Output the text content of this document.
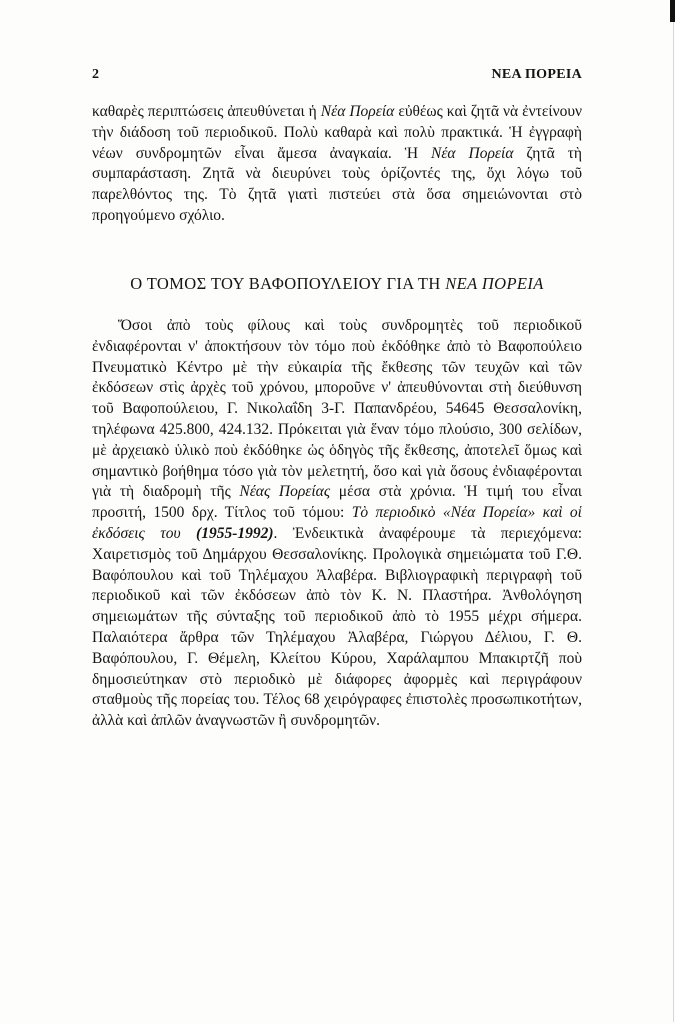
2	ΝΕΑ ΠΟΡΕΙΑ
καθαρὲς περιπτώσεις ἀπευθύνεται ἡ Νέα Πορεία εὐθέως καὶ ζητᾶ νὰ ἐντείνουν τὴν διάδοση τοῦ περιοδικοῦ. Πολὺ καθαρὰ καὶ πολὺ πρακτικά. Ἡ ἐγγραφὴ νέων συνδρομητῶν εἶναι ἄμεσα ἀναγκαία. Ἡ Νέα Πορεία ζητᾶ τὴ συμπαράσταση. Ζητᾶ νὰ διευρύνει τοὺς ὁρίζοντές της, ὄχι λόγω τοῦ παρελθόντος της. Τὸ ζητᾶ γιατὶ πιστεύει στὰ ὅσα σημειώνονται στὸ προηγούμενο σχόλιο.
Ο ΤΟΜΟΣ ΤΟΥ ΒΑΦΟΠΟΥΛΕΙΟΥ ΓΙΑ ΤΗ ΝΕΑ ΠΟΡΕΙΑ
Ὅσοι ἀπὸ τοὺς φίλους καὶ τοὺς συνδρομητὲς τοῦ περιοδικοῦ ἐνδιαφέρονται ν' ἀποκτήσουν τὸν τόμο ποὺ ἐκδόθηκε ἀπὸ τὸ Βαφοπούλειο Πνευματικὸ Κέντρο μὲ τὴν εὐκαιρία τῆς ἔκθεσης τῶν τευχῶν καὶ τῶν ἐκδόσεων στὶς ἀρχὲς τοῦ χρόνου, μποροῦνε ν' ἀπευθύνονται στὴ διεύθυνση τοῦ Βαφοπούλειου, Γ. Νικολαΐδη 3-Γ. Παπανδρέου, 54645 Θεσσαλονίκη, τηλέφωνα 425.800, 424.132. Πρόκειται γιὰ ἕναν τόμο πλούσιο, 300 σελίδων, μὲ ἀρχειακὸ ὑλικὸ ποὺ ἐκδόθηκε ὡς ὁδηγὸς τῆς ἔκθεσης, ἀποτελεῖ ὅμως καὶ σημαντικὸ βοήθημα τόσο γιὰ τὸν μελετητή, ὅσο καὶ γιὰ ὅσους ἐνδιαφέρονται γιὰ τὴ διαδρομὴ τῆς Νέας Πορείας μέσα στὰ χρόνια. Ἡ τιμή του εἶναι προσιτή, 1500 δρχ. Τίτλος τοῦ τόμου: Τὸ περιοδικὸ «Νέα Πορεία» καὶ οἱ ἐκδόσεις του (1955-1992). Ἐνδεικτικὰ ἀναφέρουμε τὰ περιεχόμενα: Χαιρετισμὸς τοῦ Δημάρχου Θεσσαλονίκης. Προλογικὰ σημειώματα τοῦ Γ.Θ. Βαφόπουλου καὶ τοῦ Τηλέμαχου Ἀλαβέρα. Βιβλιογραφικὴ περιγραφὴ τοῦ περιοδικοῦ καὶ τῶν ἐκδόσεων ἀπὸ τὸν Κ. Ν. Πλαστήρα. Ἀνθολόγηση σημειωμάτων τῆς σύνταξης τοῦ περιοδικοῦ ἀπὸ τὸ 1955 μέχρι σήμερα. Παλαιότερα ἄρθρα τῶν Τηλέμαχου Ἀλαβέρα, Γιώργου Δέλιου, Γ. Θ. Βαφόπουλου, Γ. Θέμελη, Κλείτου Κύρου, Χαράλαμπου Μπακιρτζῆ ποὺ δημοσιεύτηκαν στὸ περιοδικὸ μὲ διάφορες ἀφορμὲς καὶ περιγράφουν σταθμοὺς τῆς πορείας του. Τέλος 68 χειρόγραφες ἐπιστολὲς προσωπικοτήτων, ἀλλὰ καὶ ἀπλῶν ἀναγνωστῶν ἢ συνδρομητῶν.
